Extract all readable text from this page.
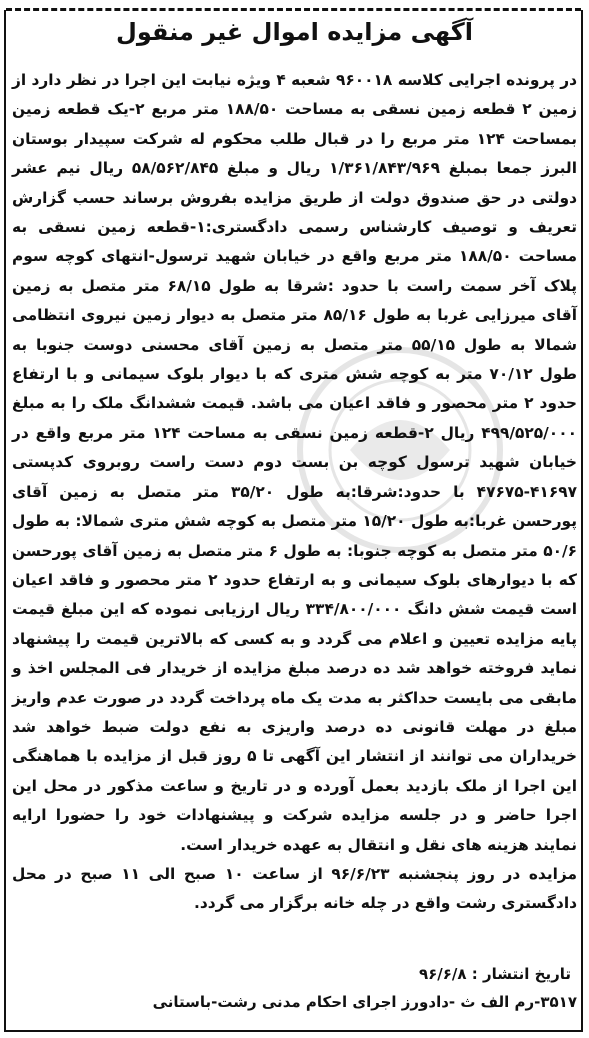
آگهی مزایده اموال غیر منقول

در پرونده اجرایی کلاسه ۹۶۰۰۱۸ شعبه ۴ ویژه نیابت این اجرا در نظر دارد از زمین ۲ قطعه زمین نسقی به مساحت ۱۸۸/۵۰ متر مربع ۲-یک قطعه زمین بمساحت ۱۲۴ متر مربع را در قبال طلب محکوم له شرکت سپیدار بوستان البرز جمعا بمبلغ ۱/۳۶۱/۸۴۳/۹۶۹ ریال و مبلغ ۵۸/۵۶۲/۸۴۵ ریال نیم عشر دولتی در حق صندوق دولت از طریق مزایده بفروش برساند حسب گزارش تعریف و توصیف کارشناس رسمی دادگستری:۱-قطعه زمین نسقی به مساحت ۱۸۸/۵۰ متر مربع واقع در خیابان شهید ترسول-انتهای کوچه سوم پلاک آخر سمت راست با حدود :شرقا به طول ۶۸/۱۵ متر متصل به زمین آقای میرزایی غربا به طول ۸۵/۱۶ متر متصل به دیوار زمین نیروی انتظامی شمالا به طول ۵۵/۱۵ متر متصل به زمین آقای محسنی دوست جنوبا به طول ۷۰/۱۲ متر به کوچه شش متری که با دیوار بلوک سیمانی و با ارتفاع حدود ۲ متر محصور و فاقد اعیان می باشد. قیمت ششدانگ ملک را به مبلغ ۴۹۹/۵۲۵/۰۰۰ ریال ۲-قطعه زمین نسقی به مساحت ۱۲۴ متر مربع واقع در خیابان شهید ترسول کوچه بن بست دوم دست راست روبروی کدپستی ۴۱۶۹۷-۴۷۶۷۵ با حدود:شرقا:به طول ۳۵/۲۰ متر متصل به زمین آقای پورحسن غربا:به طول ۱۵/۲۰ متر متصل به کوچه شش متری شمالا: به طول ۵۰/۶ متر متصل به کوچه جنوبا: به طول ۶ متر متصل به زمین آقای پورحسن که با دیوارهای بلوک سیمانی و به ارتفاع حدود ۲ متر محصور و فاقد اعیان است قیمت شش دانگ ۳۳۴/۸۰۰/۰۰۰ ریال ارزیابی نموده که این مبلغ قیمت پایه مزایده تعیین و اعلام می گردد و به کسی که بالاترین قیمت را پیشنهاد نماید فروخته خواهد شد ده درصد مبلغ مزایده از خریدار فی المجلس اخذ و مابقی می بایست حداکثر به مدت یک ماه پرداخت گردد در صورت عدم واریز مبلغ در مهلت قانونی ده درصد واریزی به نفع دولت ضبط خواهد شد خریداران می توانند از انتشار این آگهی تا ۵ روز قبل از مزایده با هماهنگی این اجرا از ملک بازدید بعمل آورده و در تاریخ و ساعت مذکور در محل این اجرا حاضر و در جلسه مزایده شرکت و پیشنهادات خود را حضورا ارایه نمایند هزینه های نقل و انتقال به عهده خریدار است.

مزایده در روز پنجشنبه ۹۶/۶/۲۳ از ساعت ۱۰ صبح الی ۱۱ صبح در محل دادگستری رشت واقع در چله خانه برگزار می گردد.

تاریخ انتشار : ۹۶/۶/۸
۳۵۱۷-رم الف ث -دادورز اجرای احکام مدنی رشت-باستانی
